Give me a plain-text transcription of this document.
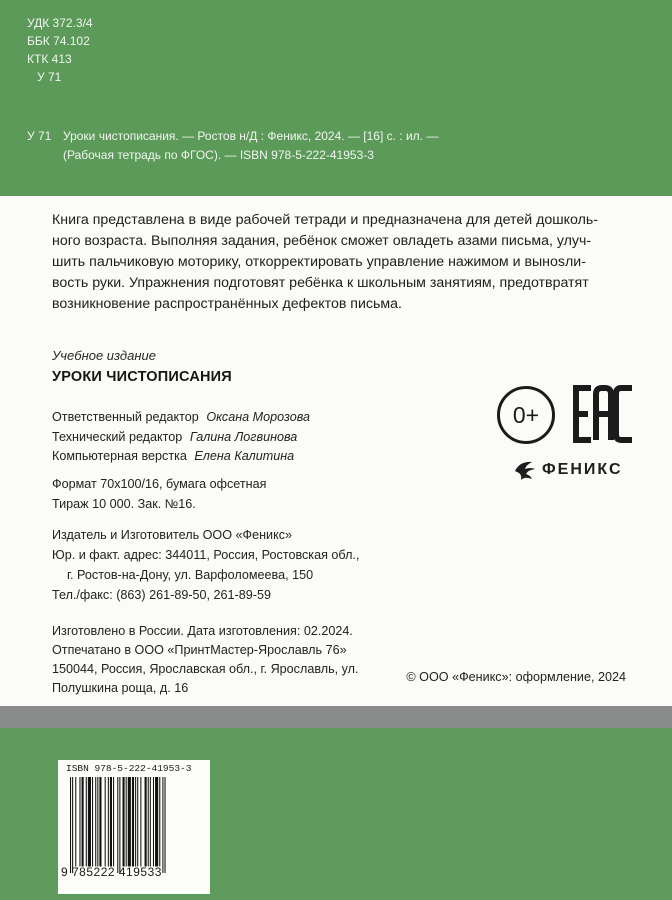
УДК 372.3/4
ББК 74.102
КТК 413
У 71
У 71 Уроки чистописания. — Ростов н/Д : Феникс, 2024. — [16] с. : ил. —
(Рабочая тетрадь по ФГОС). — ISBN 978-5-222-41953-3
Книга представлена в виде рабочей тетради и предназначена для детей дошколь-
ного возраста. Выполняя задания, ребёнок сможет овладеть азами письма, улуч-
шить пальчиковую моторику, откорректировать управление нажимом и вынosли-
вость руки. Упражнения подготовят ребёнка к школьным занятиям, предотвратят
возникновение распространённых дефектов письма.
Учебное издание
УРОКИ ЧИСТОПИСАНИЯ
Ответственный редактор Оксана Морозова
Технический редактор Галина Логвинова
Компьютерная верстка Елена Калитина
Формат 70x100/16, бумага офсетная
Тираж 10 000. Зак. №16.
Издатель и Изготовитель ООО «Феникс»
Юр. и факт. адрес: 344011, Россия, Ростовская обл.,
г. Ростов-на-Дону, ул. Варфоломеева, 150
Тел./факс: (863) 261-89-50, 261-89-59
Изготовлено в России. Дата изготовления: 02.2024.
Отпечатано в ООО «ПринтМастер-Ярославль 76»
150044, Россия, Ярославская обл., г. Ярославль, ул.
Полушкина роща, д. 16
© ООО «Феникс»: оформление, 2024
0+
ФЕНИКС
ISBN 978-5-222-41953-3
9 785222 419533
